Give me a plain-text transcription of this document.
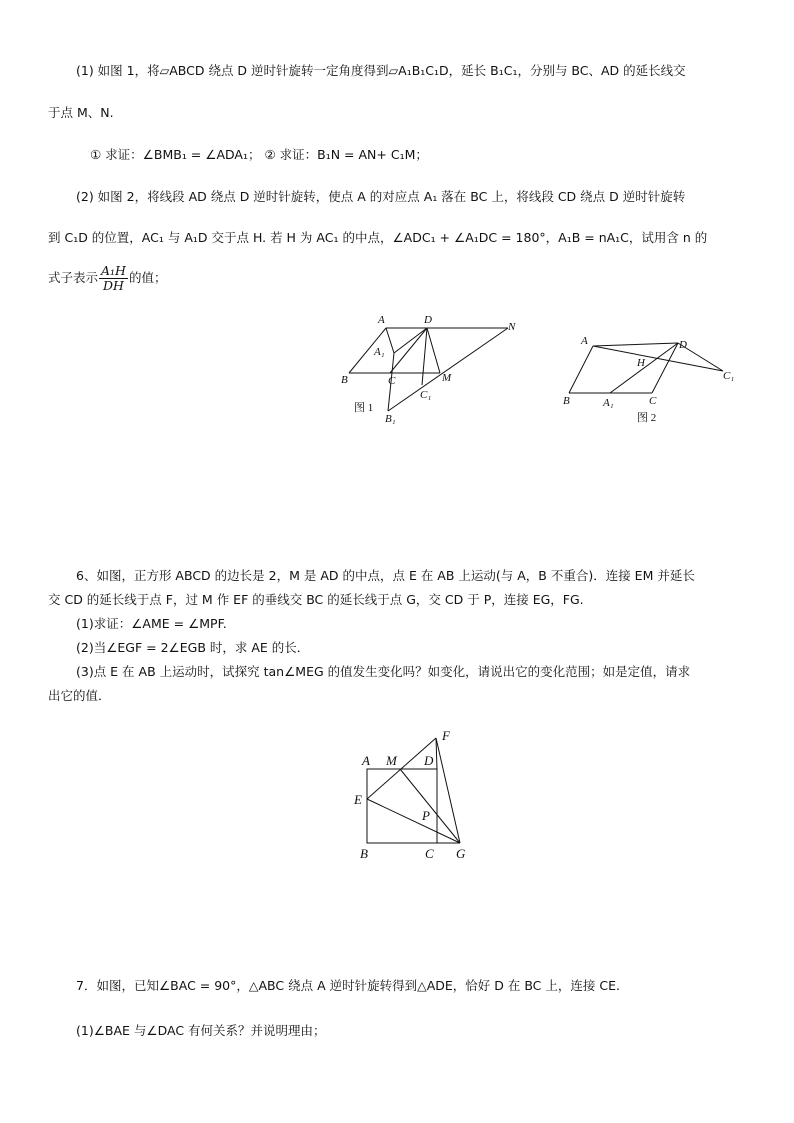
(1) 如图 1，将▱ABCD 绕点 D 逆时针旋转一定角度得到▱A₁B₁C₁D，延长 B₁C₁，分别与 BC、AD 的延长线交
于点 M、N.
① 求证：∠BMB₁ = ∠ADA₁； ② 求证：B₁N = AN+ C₁M；
(2) 如图 2，将线段 AD 绕点 D 逆时针旋转，使点 A 的对应点 A₁ 落在 BC 上，将线段 CD 绕点 D 逆时针旋转
到 C₁D 的位置，AC₁ 与 A₁D 交于点 H. 若 H 为 AC₁ 的中点，∠ADC₁ + ∠A₁DC = 180°，A₁B = nA₁C，试用含 n 的
式子表示 $\frac{\text{A₁H}}{DH}$ 的值；
A	D
N
A₁
B	C	M
C₁
图 1
B₁
A	D
H
C₁
B	A₁	C
图 2
6、如图，正方形 ABCD 的边长是 2，M 是 AD 的中点，点 E 在 AB 上运动(与 A，B 不重合)．连接 EM 并延长
交 CD 的延长线于点 F，过 M 作 EF 的垂线交 BC 的延长线于点 G，交 CD 于 P，连接 EG，FG.
(1)求证：∠AME = ∠MPF.
(2)当∠EGF = 2∠EGB 时，求 AE 的长．
(3)点 E 在 AB 上运动时，试探究 tan∠MEG 的值发生变化吗？如变化，请说出它的变化范围；如是定值，请求
出它的值．
A M D
F
E
P
B	C G
7．如图，已知∠BAC = 90°，△ABC 绕点 A 逆时针旋转得到△ADE，恰好 D 在 BC 上，连接 CE.
(1)∠BAE 与∠DAC 有何关系？并说明理由；
